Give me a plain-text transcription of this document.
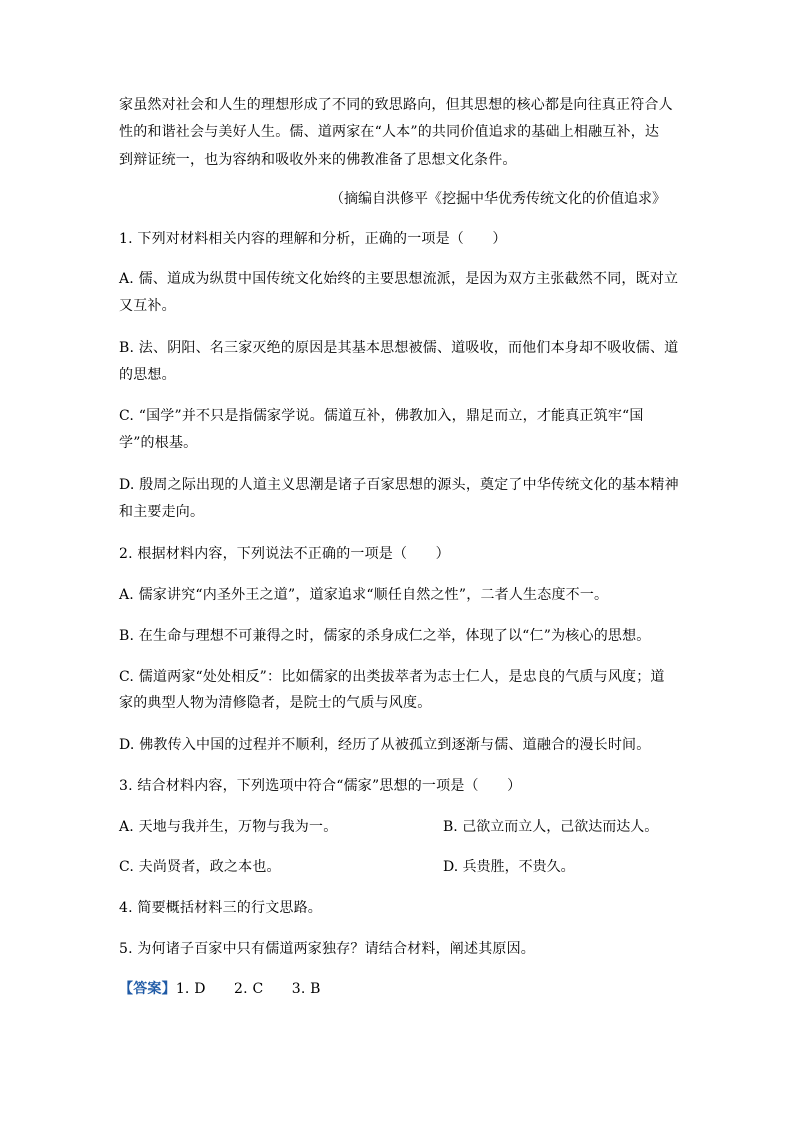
家虽然对社会和人生的理想形成了不同的致思路向，但其思想的核心都是向往真正符合人
性的和谐社会与美好人生。儒、道两家在“人本”的共同价值追求的基础上相融互补，达
到辩证统一，也为容纳和吸收外来的佛教准备了思想文化条件。
（摘编自洪修平《挖掘中华优秀传统文化的价值追求》
1. 下列对材料相关内容的理解和分析，正确的一项是（　　）
A. 儒、道成为纵贯中国传统文化始终的主要思想流派，是因为双方主张截然不同，既对立
又互补。
B. 法、阴阳、名三家灭绝的原因是其基本思想被儒、道吸收，而他们本身却不吸收儒、道
的思想。
C. “国学”并不只是指儒家学说。儒道互补，佛教加入，鼎足而立，才能真正筑牢“国
学”的根基。
D. 殷周之际出现的人道主义思潮是诸子百家思想的源头，奠定了中华传统文化的基本精神
和主要走向。
2. 根据材料内容，下列说法不正确的一项是（　　）
A. 儒家讲究“内圣外王之道”，道家追求“顺任自然之性”，二者人生态度不一。
B. 在生命与理想不可兼得之时，儒家的杀身成仁之举，体现了以“仁”为核心的思想。
C. 儒道两家“处处相反”：比如儒家的出类拔萃者为志士仁人，是忠良的气质与风度；道
家的典型人物为清修隐者，是院士的气质与风度。
D. 佛教传入中国的过程并不顺利，经历了从被孤立到逐渐与儒、道融合的漫长时间。
3. 结合材料内容，下列选项中符合“儒家”思想的一项是（　　）
A. 天地与我并生，万物与我为一。	B. 己欲立而立人，己欲达而达人。
C. 夫尚贤者，政之本也。	D. 兵贵胜，不贵久。
4. 简要概括材料三的行文思路。
5. 为何诸子百家中只有儒道两家独存？请结合材料，阐述其原因。
【答案】1. D　　2. C　　3. B
